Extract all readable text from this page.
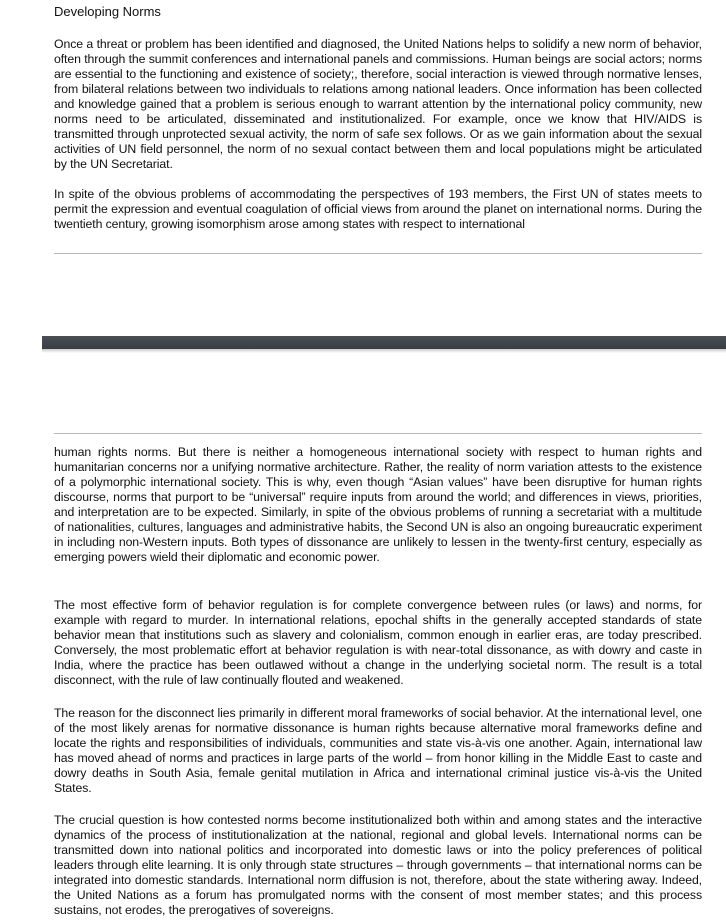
Developing Norms

Once a threat or problem has been identified and diagnosed, the United Nations helps to solidify a new norm of behavior, often through the summit conferences and international panels and commissions. Human beings are social actors; norms are essential to the functioning and existence of society;, therefore, social interaction is viewed through normative lenses, from bilateral relations between two individuals to relations among national leaders. Once information has been collected and knowledge gained that a problem is serious enough to warrant attention by the international policy community, new norms need to be articulated, disseminated and institutionalized. For example, once we know that HIV/AIDS is transmitted through unprotected sexual activity, the norm of safe sex follows. Or as we gain information about the sexual activities of UN field personnel, the norm of no sexual contact between them and local populations might be articulated by the UN Secretariat.

In spite of the obvious problems of accommodating the perspectives of 193 members, the First UN of states meets to permit the expression and eventual coagulation of official views from around the planet on international norms. During the twentieth century, growing isomorphism arose among states with respect to international

human rights norms. But there is neither a homogeneous international society with respect to human rights and humanitarian concerns nor a unifying normative architecture. Rather, the reality of norm variation attests to the existence of a polymorphic international society. This is why, even though “Asian values” have been disruptive for human rights discourse, norms that purport to be “universal” require inputs from around the world; and differences in views, priorities, and interpretation are to be expected. Similarly, in spite of the obvious problems of running a secretariat with a multitude of nationalities, cultures, languages and administrative habits, the Second UN is also an ongoing bureaucratic experiment in including non-Western inputs. Both types of dissonance are unlikely to lessen in the twenty-first century, especially as emerging powers wield their diplomatic and economic power.

The most effective form of behavior regulation is for complete convergence between rules (or laws) and norms, for example with regard to murder. In international relations, epochal shifts in the generally accepted standards of state behavior mean that institutions such as slavery and colonialism, common enough in earlier eras, are today prescribed. Conversely, the most problematic effort at behavior regulation is with near-total dissonance, as with dowry and caste in India, where the practice has been outlawed without a change in the underlying societal norm. The result is a total disconnect, with the rule of law continually flouted and weakened.

The reason for the disconnect lies primarily in different moral frameworks of social behavior. At the international level, one of the most likely arenas for normative dissonance is human rights because alternative moral frameworks define and locate the rights and responsibilities of individuals, communities and state vis-à-vis one another. Again, international law has moved ahead of norms and practices in large parts of the world – from honor killing in the Middle East to caste and dowry deaths in South Asia, female genital mutilation in Africa and international criminal justice vis-à-vis the United States.

The crucial question is how contested norms become institutionalized both within and among states and the interactive dynamics of the process of institutionalization at the national, regional and global levels. International norms can be transmitted down into national politics and incorporated into domestic laws or into the policy preferences of political leaders through elite learning. It is only through state structures – through governments – that international norms can be integrated into domestic standards. International norm diffusion is not, therefore, about the state withering away. Indeed, the United Nations as a forum has promulgated norms with the consent of most member states; and this process sustains, not erodes, the prerogatives of sovereigns.
